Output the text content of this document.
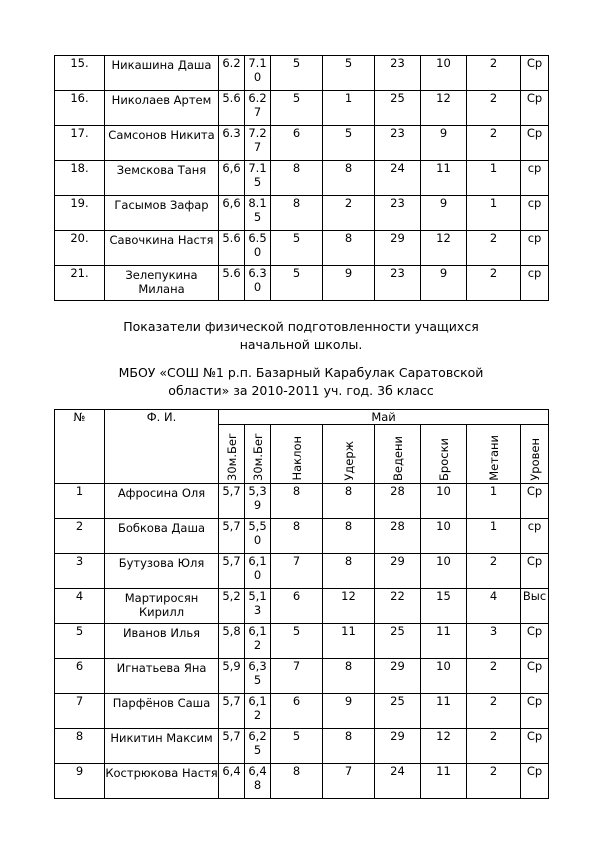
15.	Никашина Даша	6.2	7.10	5	5	23	10	2	Ср
16.	Николаев Артем	5.6	6.27	5	1	25	12	2	Ср
17.	Самсонов Никита	6.3	7.27	6	5	23	9	2	Ср
18.	Земскова Таня	6,6	7.15	8	8	24	11	1	ср
19.	Гасымов Зафар	6,6	8.15	8	2	23	9	1	ср
20.	Савочкина Настя	5.6	6.50	5	8	29	12	2	ср
21.	Зелепукина Милана	5.6	6.30	5	9	23	9	2	ср
Показатели физической подготовленности учащихся
начальной школы.
МБОУ «СОШ №1 р.п. Базарный Карабулак Саратовской
области» за 2010-2011 уч. год. 3б класс
№	Ф. И.	Май							

		30м.Бег	30м.Бег	Наклон	Удерж	Ведени	Броски	Метани	Уровен

1	Афросина Оля	5,7	5,39	8	8	28	10	1	Ср
2	Бобкова Даша	5,7	5,50	8	8	28	10	1	ср
3	Бутузова Юля	5,7	6,10	7	8	29	10	2	Ср
4	Мартиросян Кирилл	5,2	5,13	6	12	22	15	4	Выс
5	Иванов Илья	5,8	6,12	5	11	25	11	3	Ср
6	Игнатьева Яна	5,9	6,35	7	8	29	10	2	Ср
7	Парфёнов Саша	5,7	6,12	6	9	25	11	2	Ср
8	Никитин Максим	5,7	6,25	5	8	29	12	2	Ср
9	Кострюкова Настя	6,4	6,48	8	7	24	11	2	Ср
